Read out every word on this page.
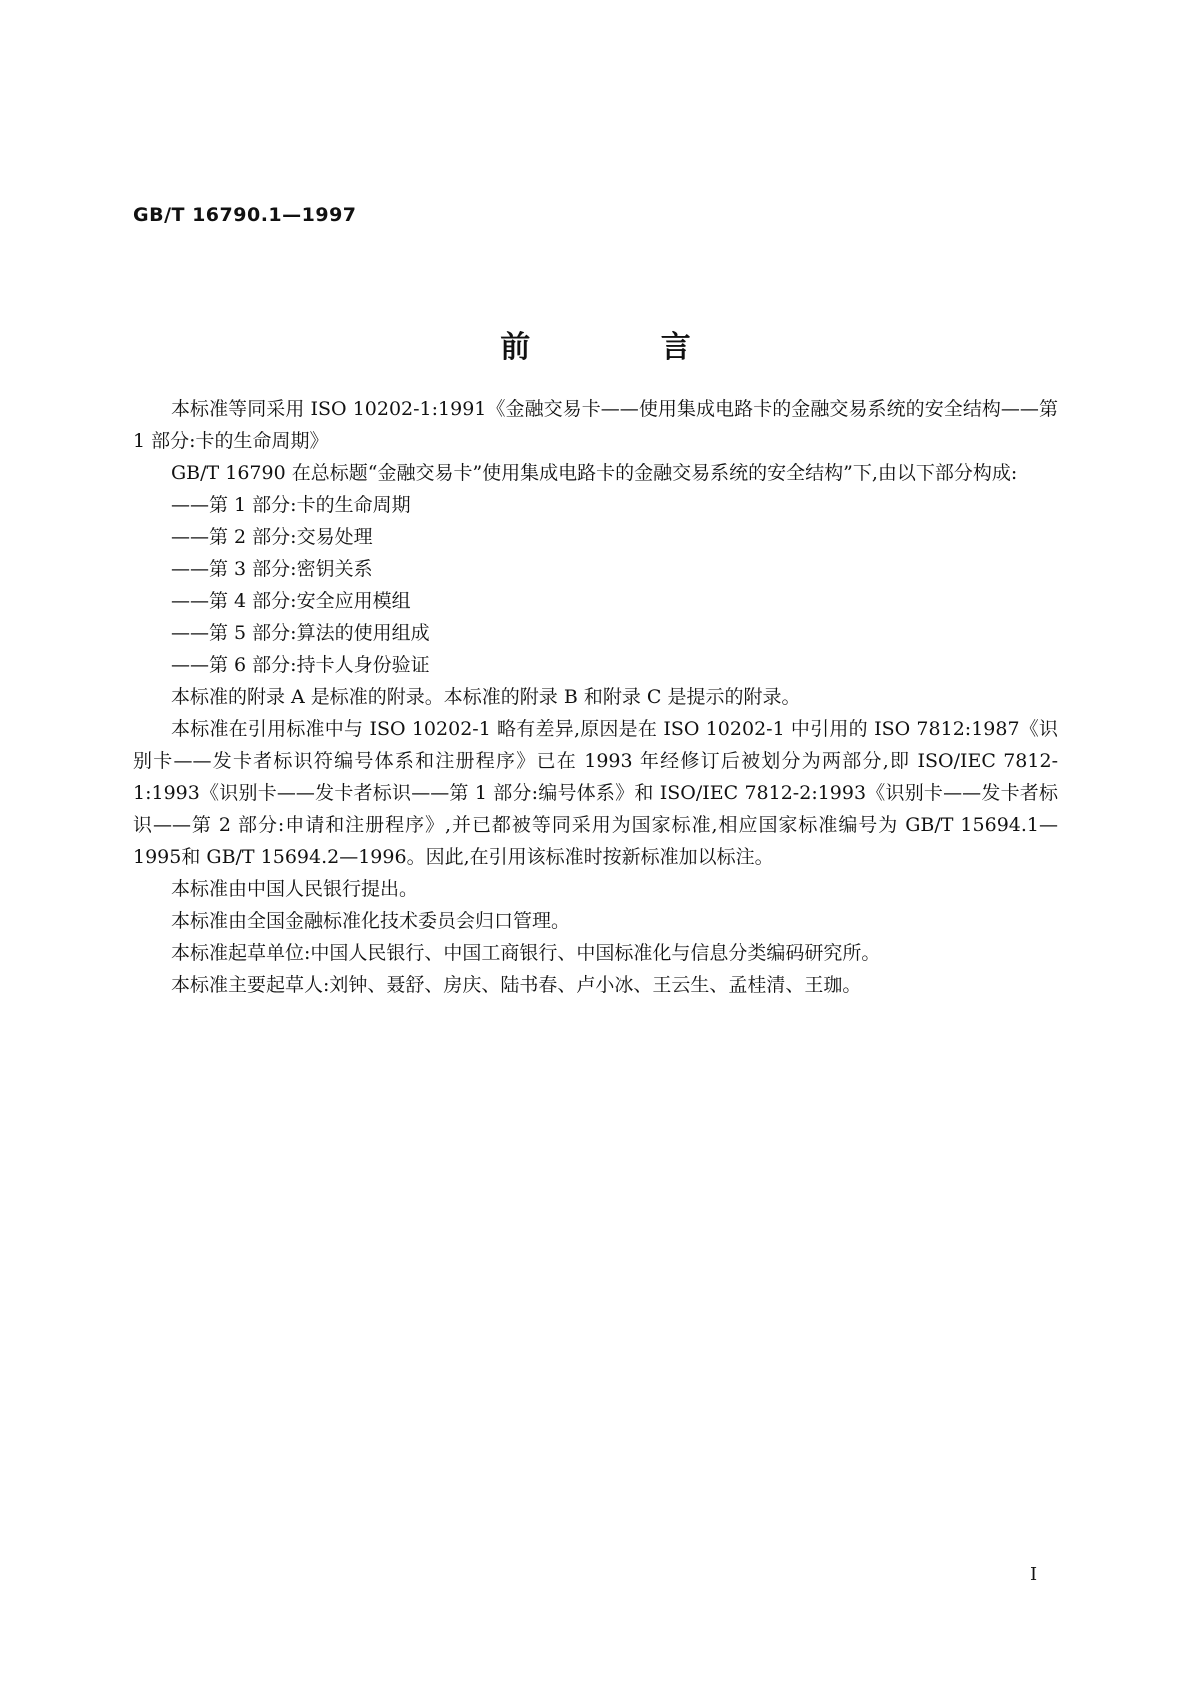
GB/T 16790.1—1997
前 言

本标准等同采用 ISO 10202-1:1991《金融交易卡——使用集成电路卡的金融交易系统的安全结构——第 1 部分:卡的生命周期》

GB/T 16790 在总标题“金融交易卡”使用集成电路卡的金融交易系统的安全结构”下,由以下部分构成:

——第 1 部分:卡的生命周期

——第 2 部分:交易处理

——第 3 部分:密钥关系

——第 4 部分:安全应用模组

——第 5 部分:算法的使用组成

——第 6 部分:持卡人身份验证

本标准的附录 A 是标准的附录。本标准的附录 B 和附录 C 是提示的附录。

本标准在引用标准中与 ISO 10202-1 略有差异,原因是在 ISO 10202-1 中引用的 ISO 7812:1987《识别卡——发卡者标识符编号体系和注册程序》已在 1993 年经修订后被划分为两部分,即 ISO/IEC 7812-1:1993《识别卡——发卡者标识——第 1 部分:编号体系》和 ISO/IEC 7812-2:1993《识别卡——发卡者标识——第 2 部分:申请和注册程序》,并已都被等同采用为国家标准,相应国家标准编号为 GB/T 15694.1—1995和 GB/T 15694.2—1996。因此,在引用该标准时按新标准加以标注。

本标准由中国人民银行提出。

本标准由全国金融标准化技术委员会归口管理。

本标准起草单位:中国人民银行、中国工商银行、中国标准化与信息分类编码研究所。

本标准主要起草人:刘钟、聂舒、房庆、陆书春、卢小冰、王云生、孟桂清、王珈。

I
